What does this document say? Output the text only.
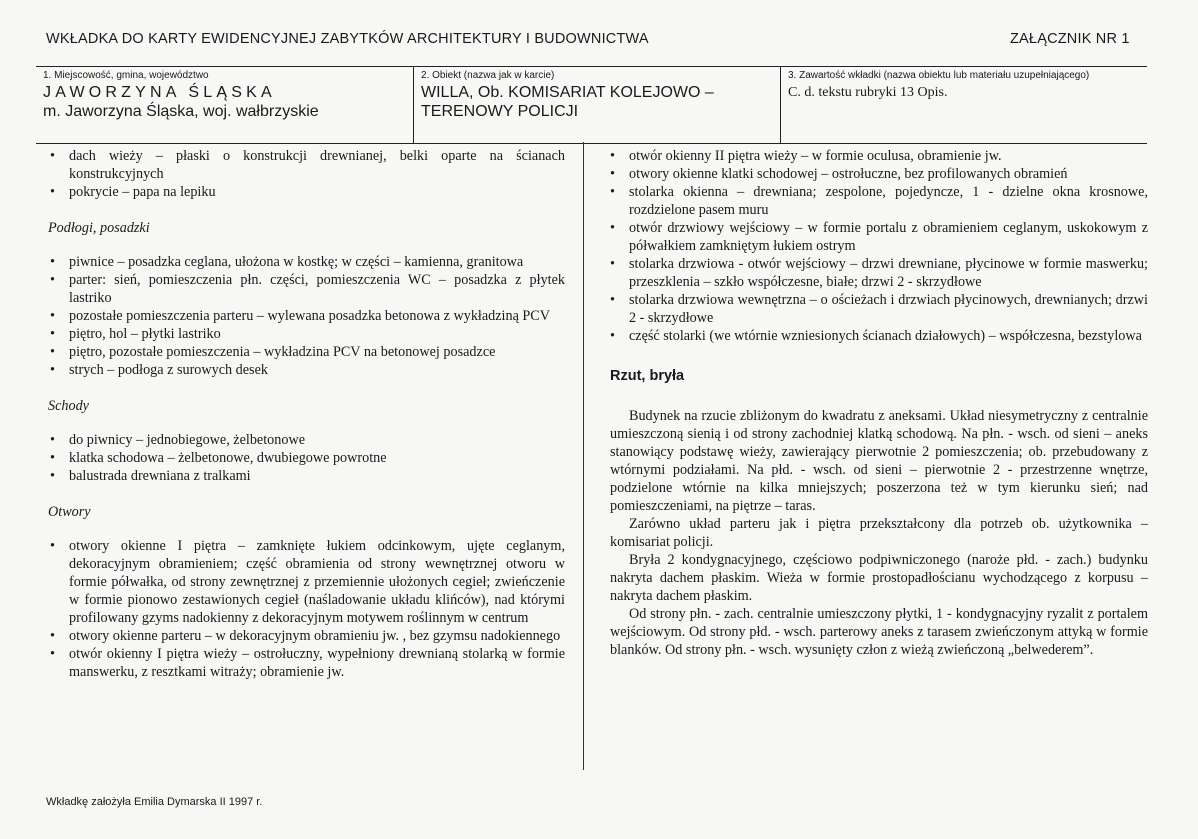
WKŁADKA DO KARTY EWIDENCYJNEJ ZABYTKÓW ARCHITEKTURY I BUDOWNICTWA	ZAŁĄCZNIK NR 1
1. Miejscowość, gmina, województwo
JAWORZYNA ŚLĄSKA
m. Jaworzyna Śląska, woj. wałbrzyskie
2. Obiekt (nazwa jak w karcie)
WILLA, Ob. KOMISARIAT KOLEJOWO – TERENOWY POLICJI
3. Zawartość wkładki (nazwa obiektu lub materiału uzupełniającego)
C. d. tekstu rubryki 13 Opis.
• dach wieży – płaski o konstrukcji drewnianej, belki oparte na ścianach konstrukcyjnych
• pokrycie – papa na lepiku
Podłogi, posadzki
• piwnice – posadzka ceglana, ułożona w kostkę; w części – kamienna, granitowa
• parter: sień, pomieszczenia płn. części, pomieszczenia WC – posadzka z płytek lastriko
• pozostałe pomieszczenia parteru – wylewana posadzka betonowa z wykładziną PCV
• piętro, hol – płytki lastriko
• piętro, pozostałe pomieszczenia – wykładzina PCV na betonowej posadzce
• strych – podłoga z surowych desek
Schody
• do piwnicy – jednobiegowe, żelbetonowe
• klatka schodowa – żelbetonowe, dwubiegowe powrotne
• balustrada drewniana z tralkami
Otwory
• otwory okienne I piętra – zamknięte łukiem odcinkowym, ujęte ceglanym, dekoracyjnym obramieniem; część obramienia od strony wewnętrznej otworu w formie półwałka, od strony zewnętrznej z przemiennie ułożonych cegieł; zwieńczenie w formie pionowo zestawionych cegieł (naśladowanie układu klińców), nad którymi profilowany gzyms nadokienny z dekoracyjnym motywem roślinnym w centrum
• otwory okienne parteru – w dekoracyjnym obramieniu jw. , bez gzymsu nadokiennego
• otwór okienny I piętra wieży – ostrołuczny, wypełniony drewnianą stolarką w formie manswerku, z resztkami witraży; obramienie jw.
• otwór okienny II piętra wieży – w formie oculusa, obramienie jw.
• otwory okienne klatki schodowej – ostrołuczne, bez profilowanych obramień
• stolarka okienna – drewniana; zespolone, pojedyncze, 1 - dzielne okna krosnowe, rozdzielone pasem muru
• otwór drzwiowy wejściowy – w formie portalu z obramieniem ceglanym, uskokowym z półwałkiem zamkniętym łukiem ostrym
• stolarka drzwiowa - otwór wejściowy – drzwi drewniane, płycinowe w formie maswerku; przeszklenia – szkło współczesne, białe; drzwi 2 - skrzydłowe
• stolarka drzwiowa wewnętrzna – o ościeżach i drzwiach płycinowych, drewnianych; drzwi 2 - skrzydłowe
• część stolarki (we wtórnie wzniesionych ścianach działowych) – współczesna, bezstylowa
Rzut, bryła

Budynek na rzucie zbliżonym do kwadratu z aneksami. Układ niesymetryczny z centralnie umieszczoną sienią i od strony zachodniej klatką schodową. Na płn. - wsch. od sieni – aneks stanowiący podstawę wieży, zawierający pierwotnie 2 pomieszczenia; ob. przebudowany z wtórnymi podziałami. Na płd. - wsch. od sieni – pierwotnie 2 - przestrzenne wnętrze, podzielone wtórnie na kilka mniejszych; poszerzona też w tym kierunku sień; nad pomieszczeniami, na piętrze – taras.

Zarówno układ parteru jak i piętra przekształcony dla potrzeb ob. użytkownika – komisariat policji.

Bryła 2 kondygnacyjnego, częściowo podpiwniczonego (naroże płd. - zach.) budynku nakryta dachem płaskim. Wieża w formie prostopadłościanu wychodzącego z korpusu – nakryta dachem płaskim.

Od strony płn. - zach. centralnie umieszczony płytki, 1 - kondygnacyjny ryzalit z portalem wejściowym. Od strony płd. - wsch. parterowy aneks z tarasem zwieńczonym attyką w formie blanków. Od strony płn. - wsch. wysunięty człon z wieżą zwieńczoną „belwederem”.

Wkładkę założyła Emilia Dymarska II 1997 r.
